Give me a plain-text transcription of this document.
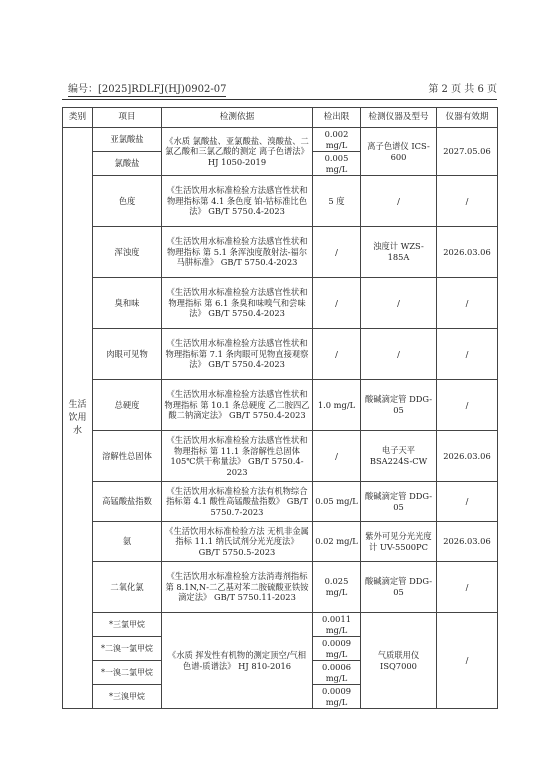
编号：[2025]RDLFJ(HJ)0902-07	第 2 页 共 6 页
类别	项目	检测依据	检出限	检测仪器及型号	仪器有效期
生活饮用水	亚氯酸盐	《水质 氯酸盐、亚氯酸盐、溴酸盐、二氯乙酸和三氯乙酸的测定 离子色谱法》 HJ 1050-2019	0.002 mg/L	离子色谱仪 ICS-600	2027.05.06
	氯酸盐		0.005 mg/L		
	色度	《生活饮用水标准检验方法感官性状和物理指标第 4.1 条色度 铂-钴标准比色法》 GB/T 5750.4-2023	5 度	/	/
	浑浊度	《生活饮用水标准检验方法感官性状和物理指标 第 5.1 条浑浊度散射法-福尔马肼标准》 GB/T 5750.4-2023	/	浊度计 WZS-185A	2026.03.06
	臭和味	《生活饮用水标准检验方法感官性状和物理指标 第 6.1 条臭和味嗅气和尝味法》 GB/T 5750.4-2023	/	/	/
	肉眼可见物	《生活饮用水标准检验方法感官性状和物理指标第 7.1 条肉眼可见物直接观察法》 GB/T 5750.4-2023	/	/	/
	总硬度	《生活饮用水标准检验方法感官性状和物理指标 第 10.1 条总硬度 乙二胺四乙酸二钠滴定法》 GB/T 5750.4-2023	1.0 mg/L	酸碱滴定管 DDG-05	/
	溶解性总固体	《生活饮用水标准检验方法感官性状和物理指标 第 11.1 条溶解性总固体 105℃烘干称量法》 GB/T 5750.4-2023	/	电子天平 BSA224S-CW	2026.03.06
	高锰酸盐指数	《生活饮用水标准检验方法有机物综合指标第 4.1 酸性高锰酸盐指数》 GB/T 5750.7-2023	0.05 mg/L	酸碱滴定管 DDG-05	/
	氨	《生活饮用水标准检验方法 无机非金属指标 11.1 纳氏试剂分光光度法》 GB/T 5750.5-2023	0.02 mg/L	紫外可见分光光度计 UV-5500PC	2026.03.06
	二氧化氯	《生活饮用水标准检验方法消毒剂指标第 8.1N,N-二乙基对苯二胺硫酸亚铁铵滴定法》 GB/T 5750.11-2023	0.025 mg/L	酸碱滴定管 DDG-05	/
	*三氯甲烷	《水质 挥发性有机物的测定顶空/气相色谱-质谱法》 HJ 810-2016	0.0011 mg/L	气质联用仪 ISQ7000	/
	*二溴一氯甲烷		0.0009 mg/L		
	*一溴二氯甲烷		0.0006 mg/L		
	*三溴甲烷		0.0009 mg/L		
